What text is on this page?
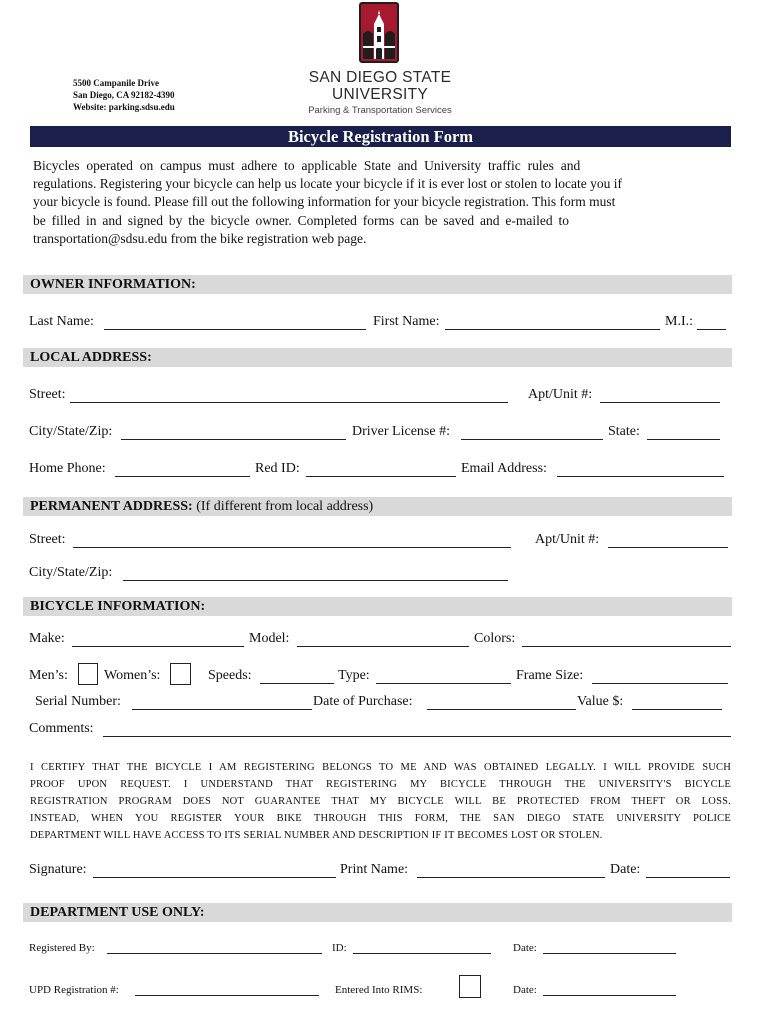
5500 Campanile Drive
San Diego, CA 92182-4390
Website: parking.sdsu.edu
SAN DIEGO STATE
UNIVERSITY
Parking & Transportation Services
Bicycle Registration Form
Bicycles operated on campus must adhere to applicable State and University traffic rules and
regulations. Registering your bicycle can help us locate your bicycle if it is ever lost or stolen to locate you if
your bicycle is found. Please fill out the following information for your bicycle registration. This form must
be filled in and signed by the bicycle owner. Completed forms can be saved and e-mailed to
transportation@sdsu.edu from the bike registration web page.
OWNER INFORMATION:
Last Name:	First Name:	M.I.:
LOCAL ADDRESS:
Street:	Apt/Unit #:
City/State/Zip:	Driver License #:	State:
Home Phone:	Red ID:	Email Address:
PERMANENT ADDRESS: (If different from local address)
Street:	Apt/Unit #:
City/State/Zip:
BICYCLE INFORMATION:
Make:	Model:	Colors:
Men’s:	Women’s:	Speeds:	Type:	Frame Size:
Serial Number:	Date of Purchase:	Value $:
Comments:
I CERTIFY THAT THE BICYCLE I AM REGISTERING BELONGS TO ME AND WAS OBTAINED LEGALLY. I WILL PROVIDE SUCH
PROOF UPON REQUEST. I UNDERSTAND THAT REGISTERING MY BICYCLE THROUGH THE UNIVERSITY'S BICYCLE
REGISTRATION PROGRAM DOES NOT GUARANTEE THAT MY BICYCLE WILL BE PROTECTED FROM THEFT OR LOSS.
INSTEAD, WHEN YOU REGISTER YOUR BIKE THROUGH THIS FORM, THE SAN DIEGO STATE UNIVERSITY POLICE
DEPARTMENT WILL HAVE ACCESS TO ITS SERIAL NUMBER AND DESCRIPTION IF IT BECOMES LOST OR STOLEN.
Signature:	Print Name:	Date:
DEPARTMENT USE ONLY:
Registered By:	ID:	Date:
UPD Registration #:	Entered Into RIMS:	Date:
